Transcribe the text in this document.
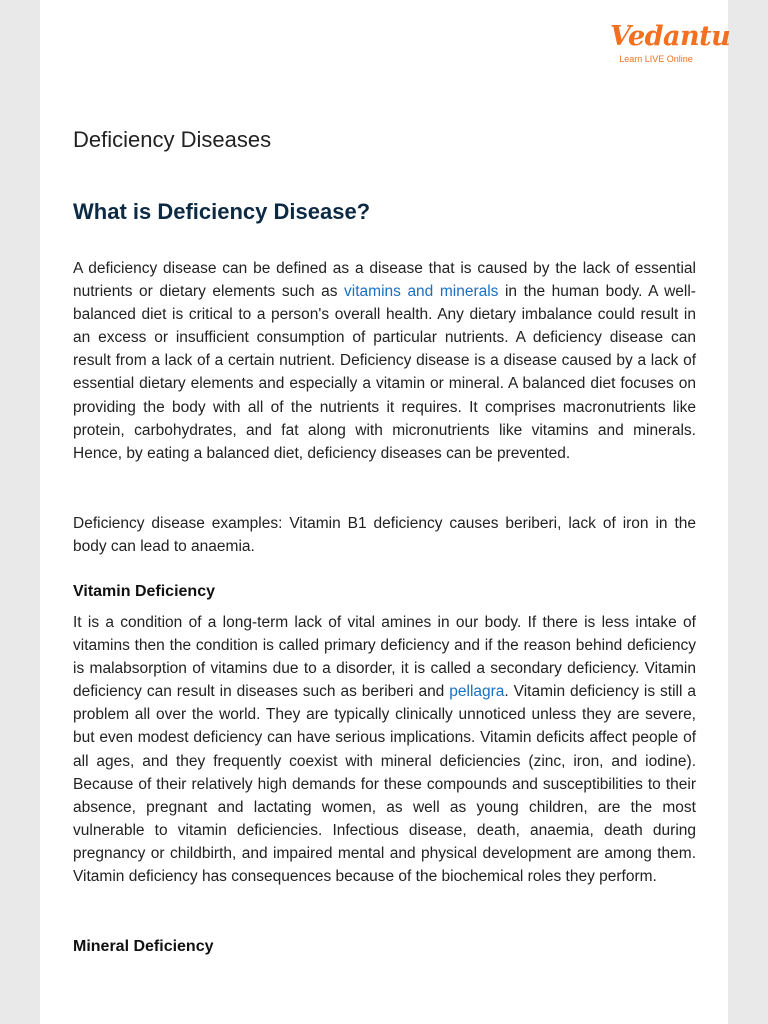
Vedantu
Learn LIVE Online
Deficiency Diseases
What is Deficiency Disease?

A deficiency disease can be defined as a disease that is caused by the lack of essential nutrients or dietary elements such as vitamins and minerals in the human body. A well-balanced diet is critical to a person's overall health. Any dietary imbalance could result in an excess or insufficient consumption of particular nutrients. A deficiency disease can result from a lack of a certain nutrient. Deficiency disease is a disease caused by a lack of essential dietary elements and especially a vitamin or mineral. A balanced diet focuses on providing the body with all of the nutrients it requires. It comprises macronutrients like protein, carbohydrates, and fat along with micronutrients like vitamins and minerals. Hence, by eating a balanced diet, deficiency diseases can be prevented.

Deficiency disease examples: Vitamin B1 deficiency causes beriberi, lack of iron in the body can lead to anaemia.

Vitamin Deficiency

It is a condition of a long-term lack of vital amines in our body. If there is less intake of vitamins then the condition is called primary deficiency and if the reason behind deficiency is malabsorption of vitamins due to a disorder, it is called a secondary deficiency. Vitamin deficiency can result in diseases such as beriberi and pellagra. Vitamin deficiency is still a problem all over the world. They are typically clinically unnoticed unless they are severe, but even modest deficiency can have serious implications. Vitamin deficits affect people of all ages, and they frequently coexist with mineral deficiencies (zinc, iron, and iodine). Because of their relatively high demands for these compounds and susceptibilities to their absence, pregnant and lactating women, as well as young children, are the most vulnerable to vitamin deficiencies. Infectious disease, death, anaemia, death during pregnancy or childbirth, and impaired mental and physical development are among them. Vitamin deficiency has consequences because of the biochemical roles they perform.

Mineral Deficiency
